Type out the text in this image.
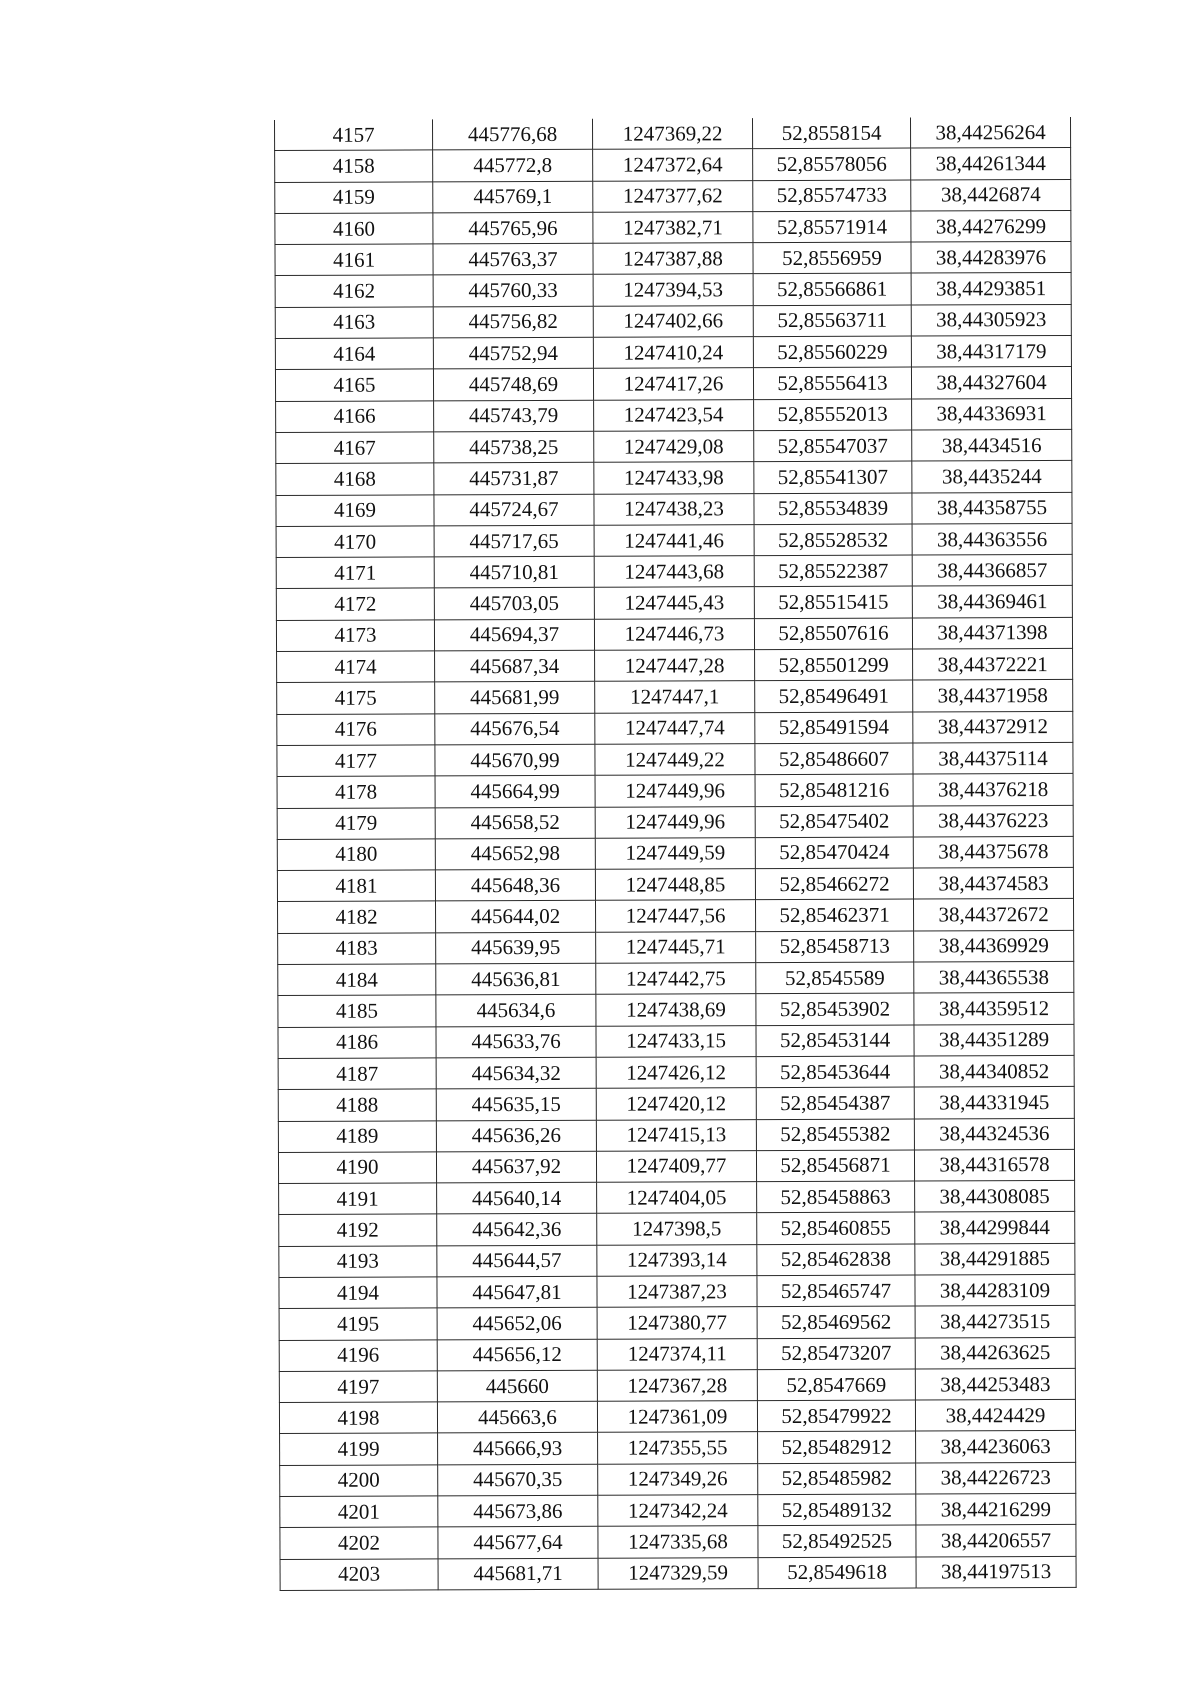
4157	445776,68	1247369,22	52,8558154	38,44256264
4158	445772,8	1247372,64	52,85578056	38,44261344
4159	445769,1	1247377,62	52,85574733	38,4426874
4160	445765,96	1247382,71	52,85571914	38,44276299
4161	445763,37	1247387,88	52,8556959	38,44283976
4162	445760,33	1247394,53	52,85566861	38,44293851
4163	445756,82	1247402,66	52,85563711	38,44305923
4164	445752,94	1247410,24	52,85560229	38,44317179
4165	445748,69	1247417,26	52,85556413	38,44327604
4166	445743,79	1247423,54	52,85552013	38,44336931
4167	445738,25	1247429,08	52,85547037	38,4434516
4168	445731,87	1247433,98	52,85541307	38,4435244
4169	445724,67	1247438,23	52,85534839	38,44358755
4170	445717,65	1247441,46	52,85528532	38,44363556
4171	445710,81	1247443,68	52,85522387	38,44366857
4172	445703,05	1247445,43	52,85515415	38,44369461
4173	445694,37	1247446,73	52,85507616	38,44371398
4174	445687,34	1247447,28	52,85501299	38,44372221
4175	445681,99	1247447,1	52,85496491	38,44371958
4176	445676,54	1247447,74	52,85491594	38,44372912
4177	445670,99	1247449,22	52,85486607	38,44375114
4178	445664,99	1247449,96	52,85481216	38,44376218
4179	445658,52	1247449,96	52,85475402	38,44376223
4180	445652,98	1247449,59	52,85470424	38,44375678
4181	445648,36	1247448,85	52,85466272	38,44374583
4182	445644,02	1247447,56	52,85462371	38,44372672
4183	445639,95	1247445,71	52,85458713	38,44369929
4184	445636,81	1247442,75	52,8545589	38,44365538
4185	445634,6	1247438,69	52,85453902	38,44359512
4186	445633,76	1247433,15	52,85453144	38,44351289
4187	445634,32	1247426,12	52,85453644	38,44340852
4188	445635,15	1247420,12	52,85454387	38,44331945
4189	445636,26	1247415,13	52,85455382	38,44324536
4190	445637,92	1247409,77	52,85456871	38,44316578
4191	445640,14	1247404,05	52,85458863	38,44308085
4192	445642,36	1247398,5	52,85460855	38,44299844
4193	445644,57	1247393,14	52,85462838	38,44291885
4194	445647,81	1247387,23	52,85465747	38,44283109
4195	445652,06	1247380,77	52,85469562	38,44273515
4196	445656,12	1247374,11	52,85473207	38,44263625
4197	445660	1247367,28	52,8547669	38,44253483
4198	445663,6	1247361,09	52,85479922	38,4424429
4199	445666,93	1247355,55	52,85482912	38,44236063
4200	445670,35	1247349,26	52,85485982	38,44226723
4201	445673,86	1247342,24	52,85489132	38,44216299
4202	445677,64	1247335,68	52,85492525	38,44206557
4203	445681,71	1247329,59	52,8549618	38,44197513
